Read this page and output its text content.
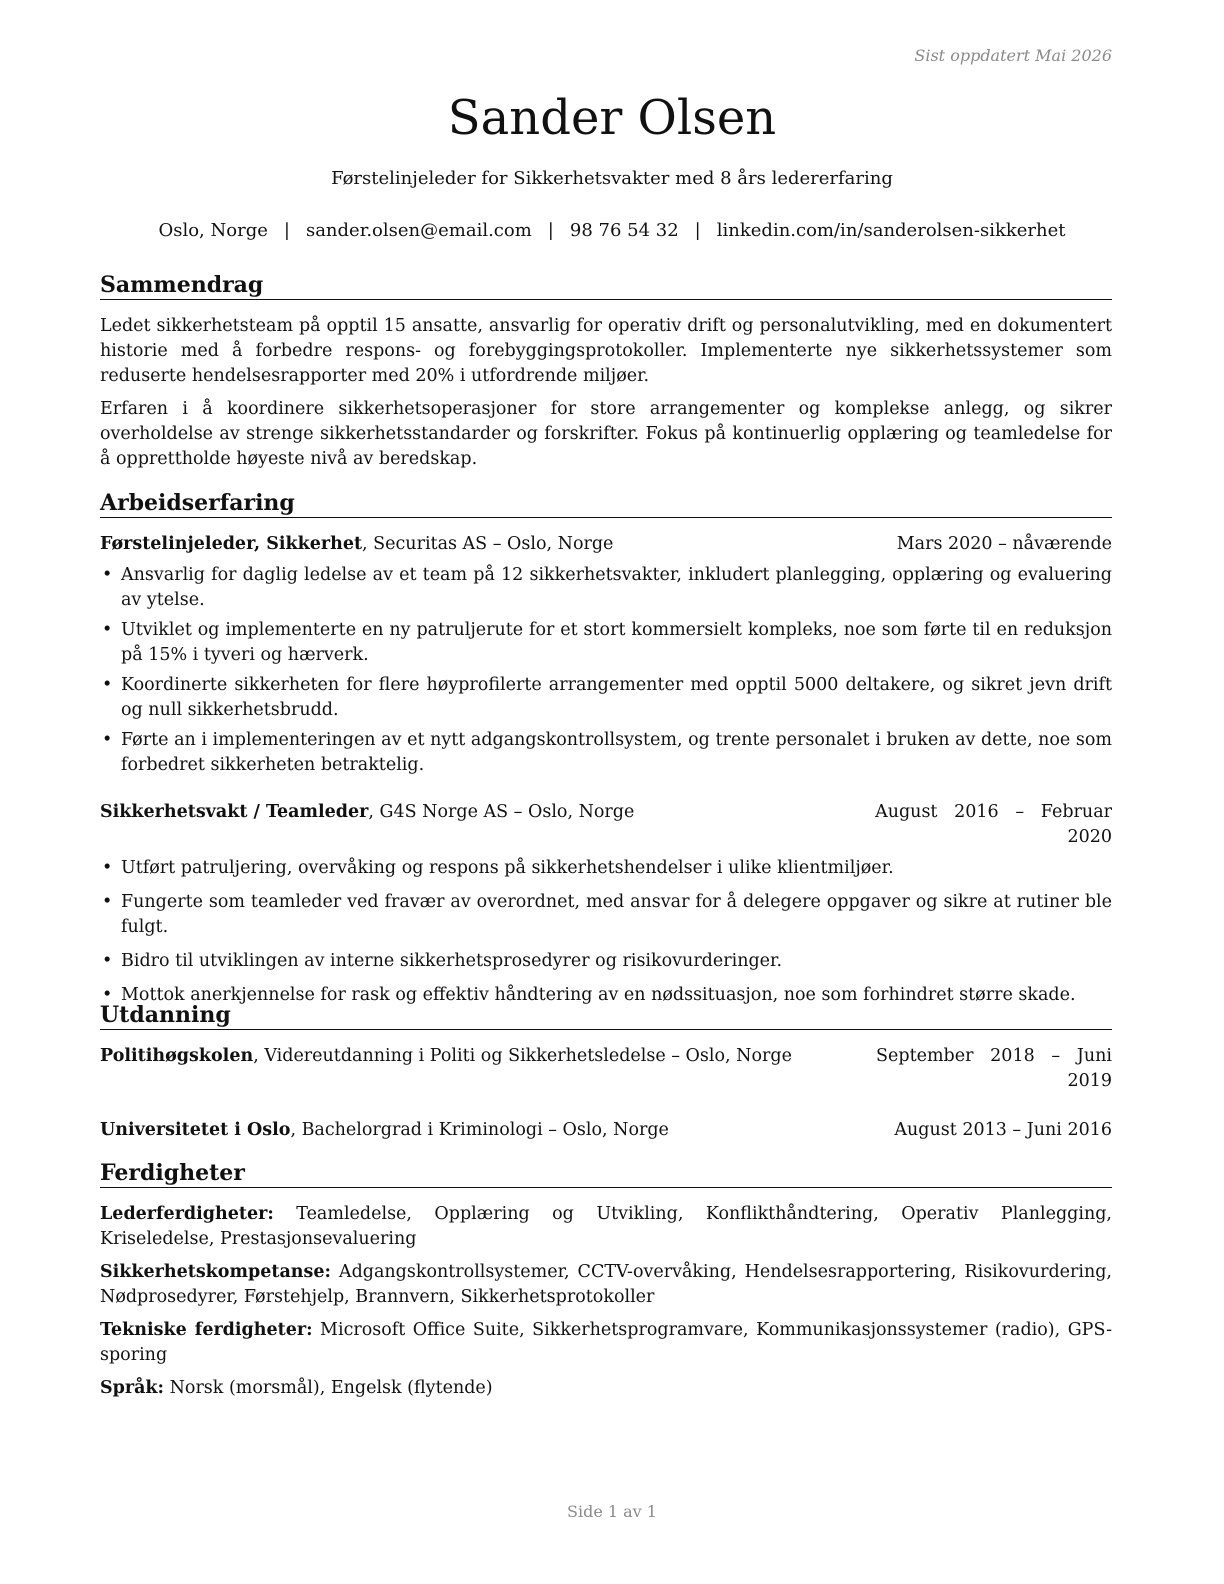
Sist oppdatert Mai 2026
Sander Olsen
Førstelinjeleder for Sikkerhetsvakter med 8 års ledererfaring
Oslo, Norge | sander.olsen@email.com | 98 76 54 32 | linkedin.com/in/sanderolsen-sikkerhet
Sammendrag

Ledet sikkerhetsteam på opptil 15 ansatte, ansvarlig for operativ drift og personalutvikling, med en dokumentert historie med å forbedre respons- og forebyggingsprotokoller. Implementerte nye sikkerhetssystemer som reduserte hendelsesrapporter med 20% i utfordrende miljøer.

Erfaren i å koordinere sikkerhetsoperasjoner for store arrangementer og komplekse anlegg, og sikrer overholdelse av strenge sikkerhetsstandarder og forskrifter. Fokus på kontinuerlig opplæring og teamledelse for å opprettholde høyeste nivå av beredskap.

Arbeidserfaring
Førstelinjeleder, Sikkerhet, Securitas AS – Oslo, Norge	Mars 2020 – nåværende
• Ansvarlig for daglig ledelse av et team på 12 sikkerhetsvakter, inkludert planlegging, opplæring og evaluering av ytelse.
• Utviklet og implementerte en ny patruljerute for et stort kommersielt kompleks, noe som førte til en reduksjon på 15% i tyveri og hærverk.
• Koordinerte sikkerheten for flere høyprofilerte arrangementer med opptil 5000 deltakere, og sikret jevn drift og null sikkerhetsbrudd.
• Førte an i implementeringen av et nytt adgangskontrollsystem, og trente personalet i bruken av dette, noe som forbedret sikkerheten betraktelig.
Sikkerhetsvakt / Teamleder, G4S Norge AS – Oslo, Norge	August   2016   –   Februar
2020
• Utført patruljering, overvåking og respons på sikkerhetshendelser i ulike klientmiljøer.
• Fungerte som teamleder ved fravær av overordnet, med ansvar for å delegere oppgaver og sikre at rutiner ble fulgt.
• Bidro til utviklingen av interne sikkerhetsprosedyrer og risikovurderinger.
• Mottok anerkjennelse for rask og effektiv håndtering av en nødssituasjon, noe som forhindret større skade.
Utdanning
Politihøgskolen, Videreutdanning i Politi og Sikkerhetsledelse – Oslo, Norge	September   2018   –   Juni
2019
Universitetet i Oslo, Bachelorgrad i Kriminologi – Oslo, Norge	August 2013 – Juni 2016
Ferdigheter

Lederferdigheter: Teamledelse, Opplæring og Utvikling, Konflikthåndtering, Operativ Planlegging, Kriseledelse, Prestasjonsevaluering

Sikkerhetskompetanse: Adgangskontrollsystemer, CCTV-overvåking, Hendelsesrapportering, Risikovurdering, Nødprosedyrer, Førstehjelp, Brannvern, Sikkerhetsprotokoller

Tekniske ferdigheter: Microsoft Office Suite, Sikkerhetsprogramvare, Kommunikasjonssystemer (radio), GPS-sporing

Språk: Norsk (morsmål), Engelsk (flytende)

Side 1 av 1
